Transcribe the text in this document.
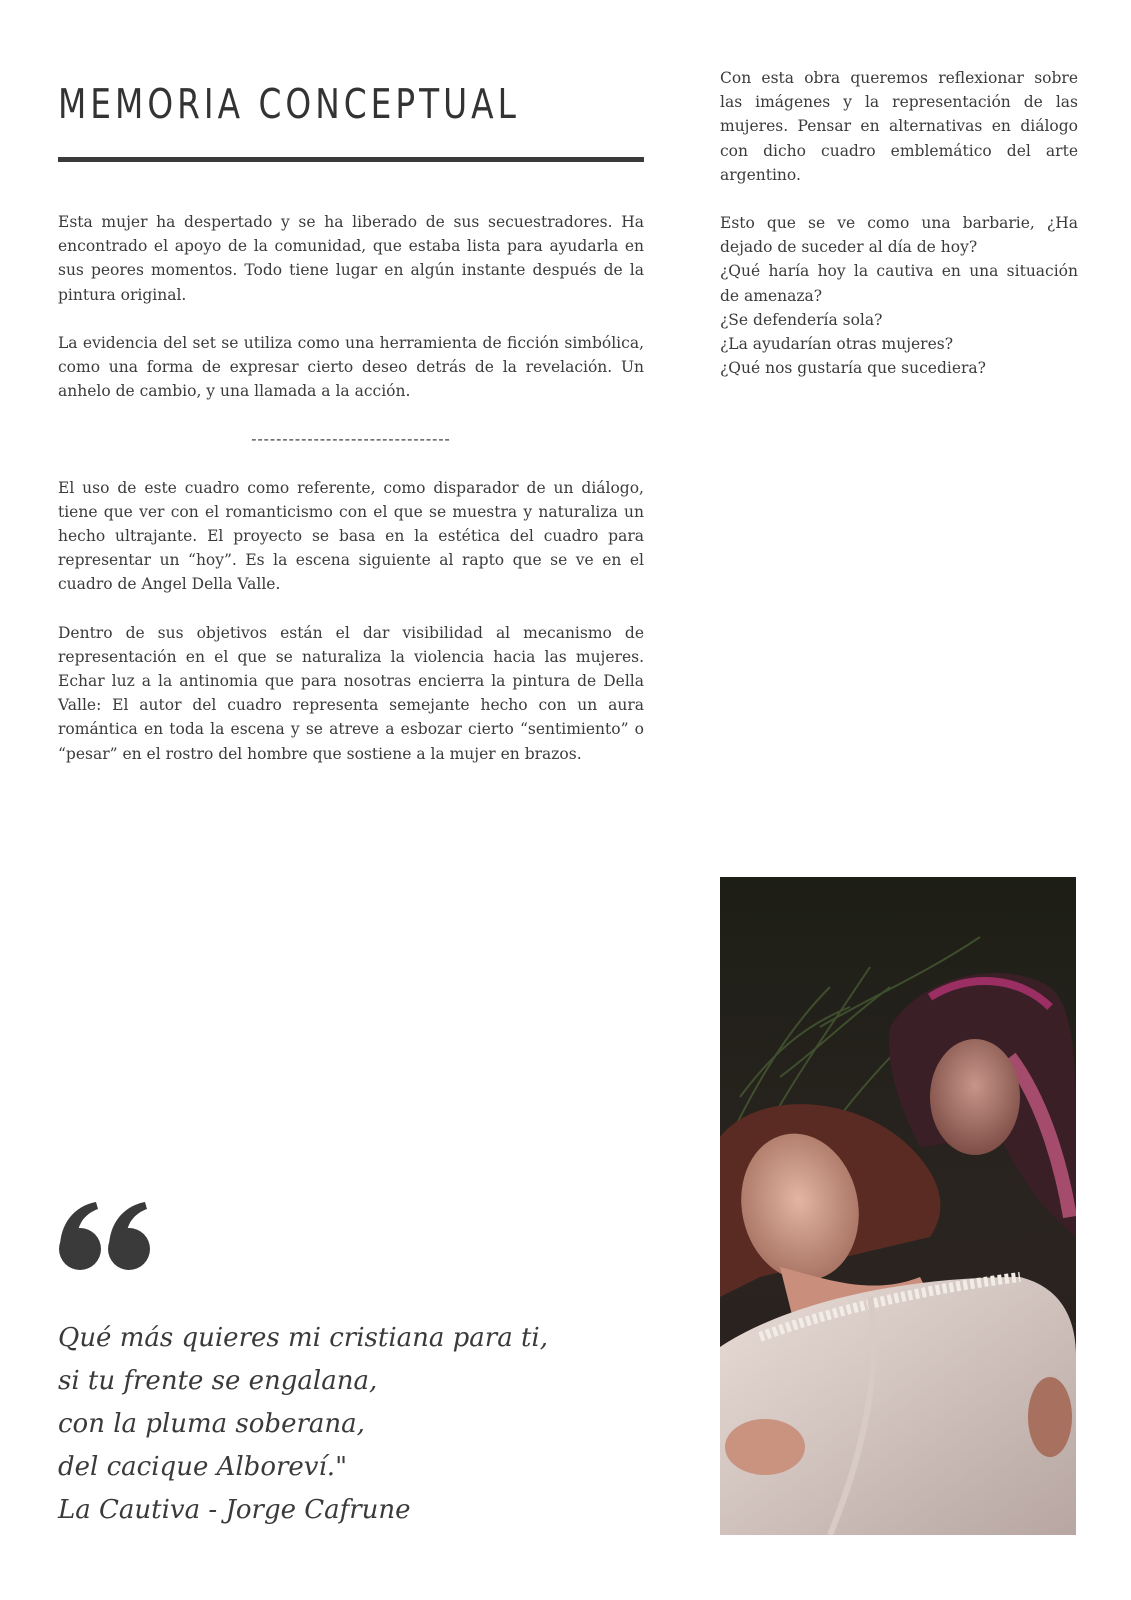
MEMORIA CONCEPTUAL

Esta mujer ha despertado y se ha liberado de sus secuestradores. Ha encontrado el apoyo de la comunidad, que estaba lista para ayudarla en sus peores momentos. Todo tiene lugar en algún instante después de la pintura original.

La evidencia del set se utiliza como una herramienta de ficción simbólica, como una forma de expresar cierto deseo detrás de la revelación. Un anhelo de cambio, y una llamada a la acción.

--------------------------------

El uso de este cuadro como referente, como disparador de un diálogo, tiene que ver con el romanticismo con el que se muestra y naturaliza un hecho ultrajante. El proyecto se basa en la estética del cuadro para representar un “hoy”. Es la escena siguiente al rapto que se ve en el cuadro de Angel Della Valle.

Dentro de sus objetivos están el dar visibilidad al mecanismo de representación en el que se naturaliza la violencia hacia las mujeres. Echar luz a la antinomia que para nosotras encierra la pintura de Della Valle: El autor del cuadro representa semejante hecho con un aura romántica en toda la escena y se atreve a esbozar cierto “sentimiento” o “pesar” en el rostro del hombre que sostiene a la mujer en brazos.

Con esta obra queremos reflexionar sobre las imágenes y la representación de las mujeres. Pensar en alternativas en diálogo con dicho cuadro emblemático del arte argentino.

Esto que se ve como una barbarie, ¿Ha dejado de suceder al día de hoy?

¿Qué haría hoy la cautiva en una situación de amenaza?

¿Se defendería sola?

¿La ayudarían otras mujeres?

¿Qué nos gustaría que sucediera?

Qué más quieres mi cristiana para ti,
si tu frente se engalana,
con la pluma soberana,
del cacique Alboreví."
La Cautiva - Jorge Cafrune
